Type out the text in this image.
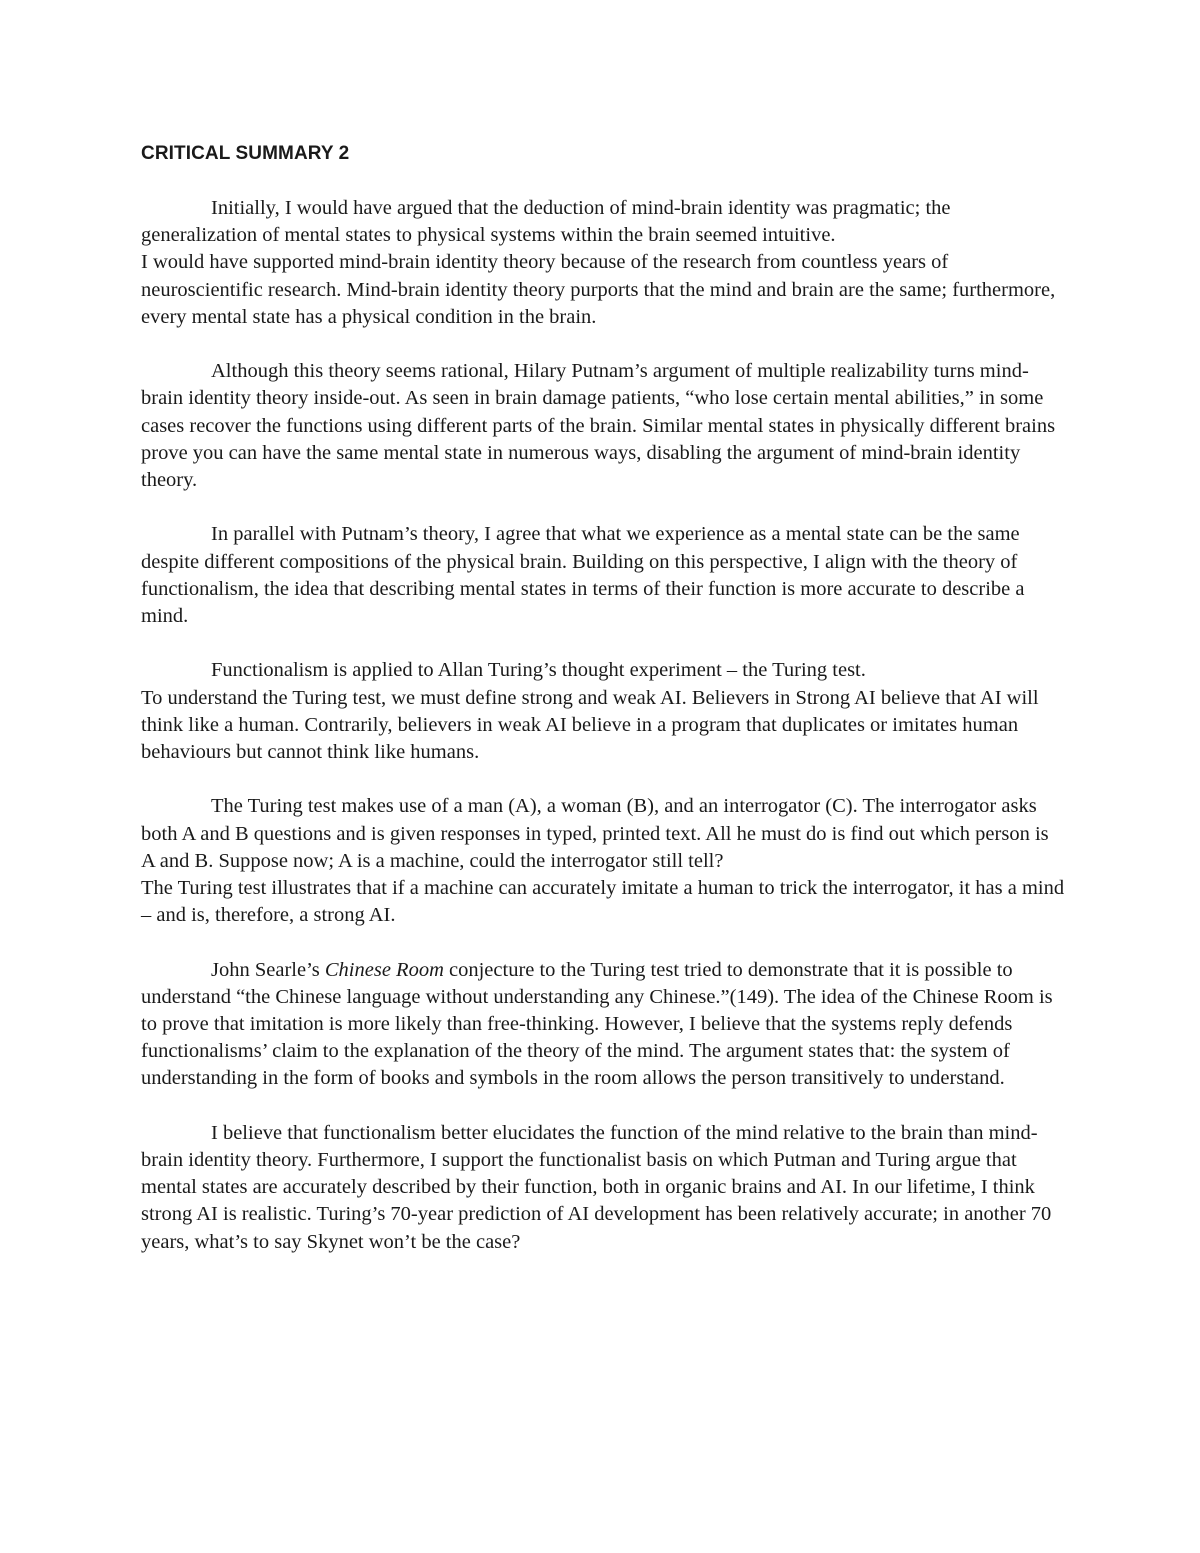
CRITICAL SUMMARY 2

Initially, I would have argued that the deduction of mind-brain identity was pragmatic; the generalization of mental states to physical systems within the brain seemed intuitive.

I would have supported mind-brain identity theory because of the research from countless years of neuroscientific research. Mind-brain identity theory purports that the mind and brain are the same; furthermore, every mental state has a physical condition in the brain.

Although this theory seems rational, Hilary Putnam’s argument of multiple realizability turns mind-brain identity theory inside-out. As seen in brain damage patients, “who lose certain mental abilities,” in some cases recover the functions using different parts of the brain. Similar mental states in physically different brains prove you can have the same mental state in numerous ways, disabling the argument of mind-brain identity theory.

In parallel with Putnam’s theory, I agree that what we experience as a mental state can be the same despite different compositions of the physical brain. Building on this perspective, I align with the theory of functionalism, the idea that describing mental states in terms of their function is more accurate to describe a mind.

Functionalism is applied to Allan Turing’s thought experiment – the Turing test.

To understand the Turing test, we must define strong and weak AI. Believers in Strong AI believe that AI will think like a human. Contrarily, believers in weak AI believe in a program that duplicates or imitates human behaviours but cannot think like humans.

The Turing test makes use of a man (A), a woman (B), and an interrogator (C). The interrogator asks both A and B questions and is given responses in typed, printed text. All he must do is find out which person is A and B. Suppose now; A is a machine, could the interrogator still tell?

The Turing test illustrates that if a machine can accurately imitate a human to trick the interrogator, it has a mind – and is, therefore, a strong AI.

John Searle’s Chinese Room conjecture to the Turing test tried to demonstrate that it is possible to understand “the Chinese language without understanding any Chinese.”(149). The idea of the Chinese Room is to prove that imitation is more likely than free-thinking. However, I believe that the systems reply defends functionalisms’ claim to the explanation of the theory of the mind. The argument states that: the system of understanding in the form of books and symbols in the room allows the person transitively to understand.

I believe that functionalism better elucidates the function of the mind relative to the brain than mind-brain identity theory. Furthermore, I support the functionalist basis on which Putman and Turing argue that mental states are accurately described by their function, both in organic brains and AI. In our lifetime, I think strong AI is realistic. Turing’s 70-year prediction of AI development has been relatively accurate; in another 70 years, what’s to say Skynet won’t be the case?
